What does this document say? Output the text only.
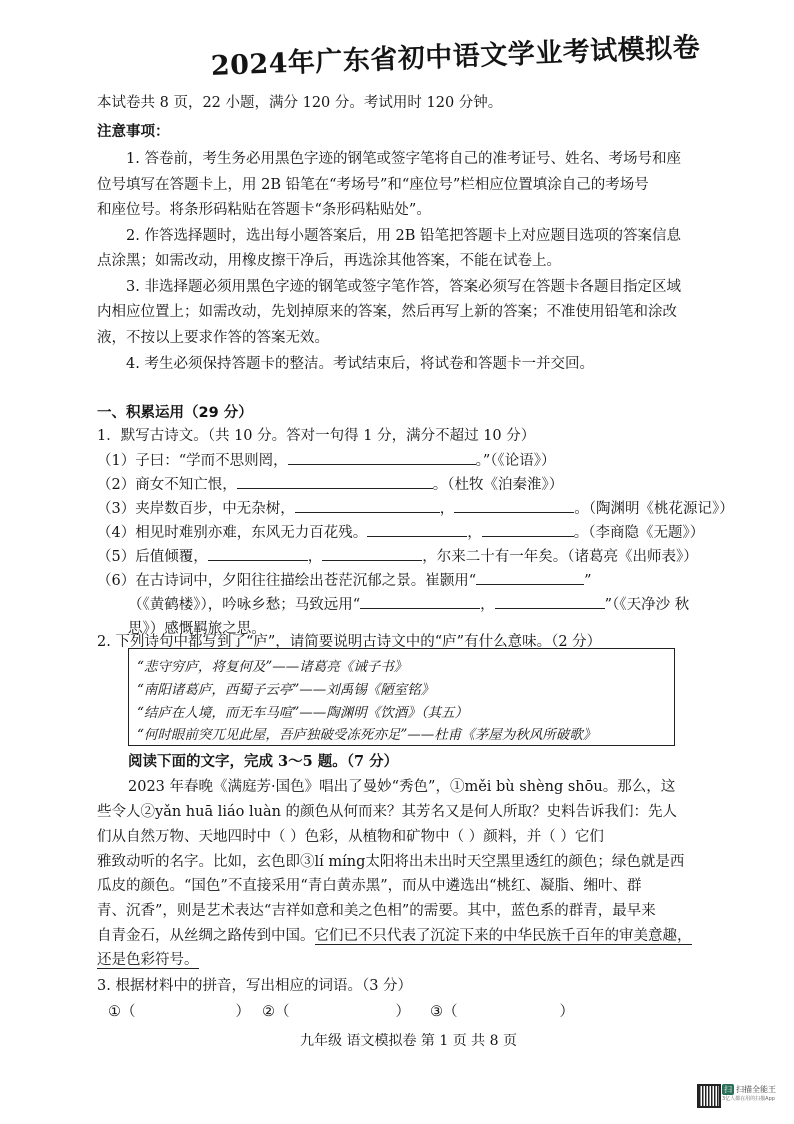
2024年广东省初中语文学业考试模拟卷
本试卷共 8 页，22 小题，满分 120 分。考试用时 120 分钟。
注意事项：
1. 答卷前，考生务必用黑色字迹的钢笔或签字笔将自己的准考证号、姓名、考场号和座
位号填写在答题卡上，用 2B 铅笔在“考场号”和“座位号”栏相应位置填涂自己的考场号
和座位号。将条形码粘贴在答题卡“条形码粘贴处”。
2. 作答选择题时，选出每小题答案后，用 2B 铅笔把答题卡上对应题目选项的答案信息
点涂黑；如需改动，用橡皮擦干净后，再选涂其他答案，不能在试卷上。
3. 非选择题必须用黑色字迹的钢笔或签字笔作答，答案必须写在答题卡各题目指定区域
内相应位置上；如需改动，先划掉原来的答案，然后再写上新的答案；不准使用铅笔和涂改
液，不按以上要求作答的答案无效。
4. 考生必须保持答题卡的整洁。考试结束后，将试卷和答题卡一并交回。
一、积累运用（29 分）
1．默写古诗文。（共 10 分。答对一句得 1 分，满分不超过 10 分）
（1）子曰：“学而不思则罔，	。”（《论语》）
（2）商女不知亡恨，	。（杜牧《泊秦淮》）
（3）夹岸数百步，中无杂树，	，	。（陶渊明《桃花源记》）
（4）相见时难别亦难，东风无力百花残。	，	。（李商隐《无题》）
（5）后值倾覆，	，	，尔来二十有一年矣。（诸葛亮《出师表》）
（6）在古诗词中，夕阳往往描绘出苍茫沉郁之景。崔颢用“	”
（《黄鹤楼》），吟咏乡愁；马致远用“	，	”（《天净沙 秋
思》）感慨羁旅之思。
2. 下列诗句中都写到了“庐”，请简要说明古诗文中的“庐”有什么意味。（2 分）
“悲守穷庐，将复何及”——诸葛亮《诫子书》
“南阳诸葛庐，西蜀子云亭”——刘禹锡《陋室铭》
“结庐在人境，而无车马喧”——陶渊明《饮酒》（其五）
“何时眼前突兀见此屋，吾庐独破受冻死亦足”——杜甫《茅屋为秋风所破歌》
阅读下面的文字，完成 3～5 题。（7 分）
2023 年春晚《满庭芳·国色》唱出了曼妙“秀色”，①měi bù shèng shōu。那么，这
些令人②yǎn huā liáo luàn 的颜色从何而来？其芳名又是何人所取？史料告诉我们：先人
们从自然万物、天地四时中（ ）色彩，从植物和矿物中（ ）颜料，并（ ）它们
雅致动听的名字。比如，玄色即③lí míng太阳将出未出时天空黑里透红的颜色；绿色就是西
瓜皮的颜色。“国色”不直接采用“青白黄赤黑”，而从中遴选出“桃红、凝脂、缃叶、群
青、沉香”，则是艺术表达“吉祥如意和美之色相”的需要。其中，蓝色系的群青，最早来
自青金石，从丝绸之路传到中国。它们已不只代表了沉淀下来的中华民族千百年的审美意趣，
还是色彩符号。
3. 根据材料中的拼音，写出相应的词语。（3 分）
①（	） ②（	） ③（	）
九年级 语文模拟卷 第 1 页 共 8 页
扫 扫描全能王
3亿人都在用的扫描App
